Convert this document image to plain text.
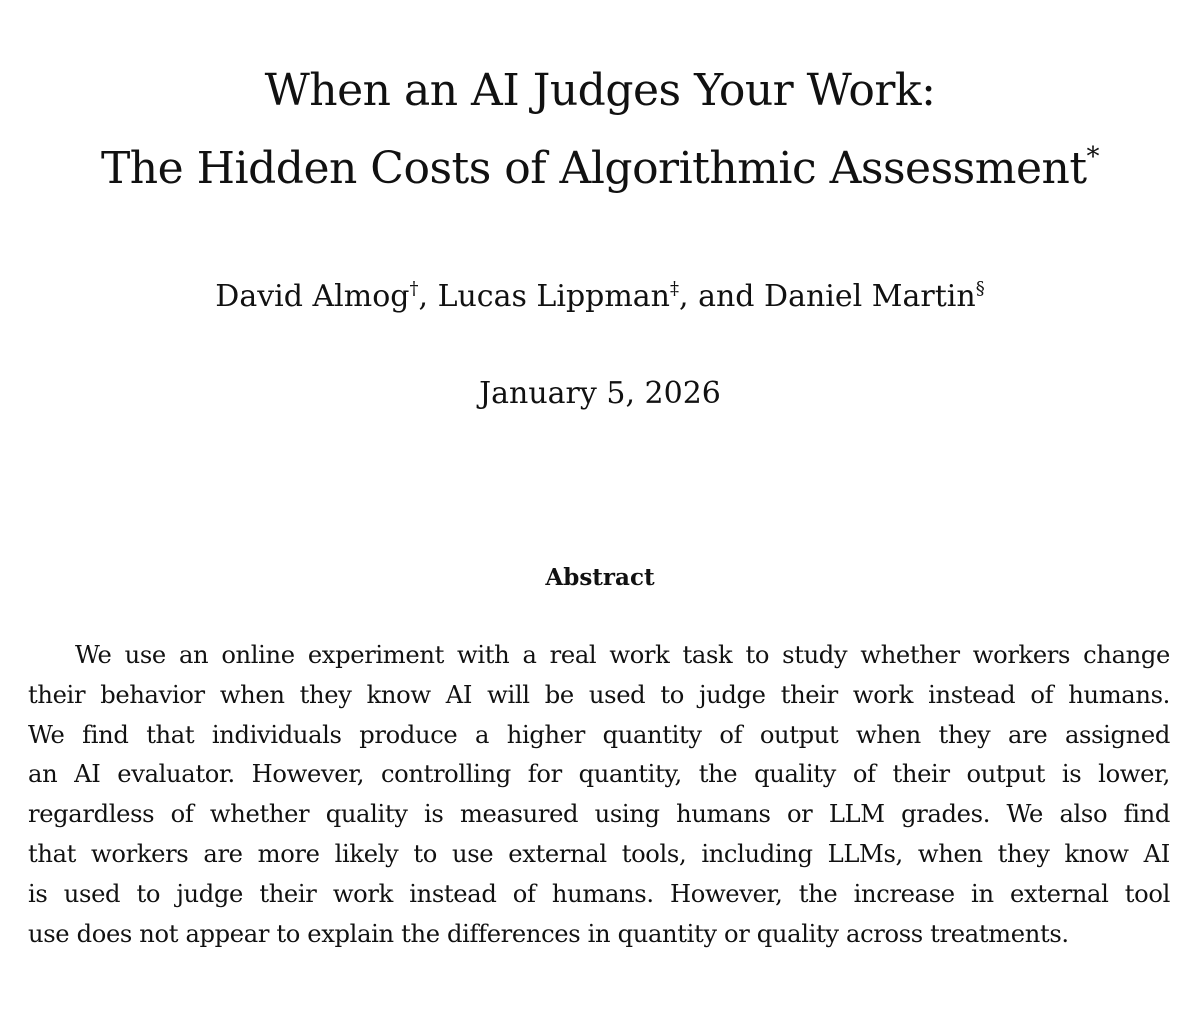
When an AI Judges Your Work:
The Hidden Costs of Algorithmic Assessment*
David Almog†, Lucas Lippman‡, and Daniel Martin§
January 5, 2026
Abstract
We use an online experiment with a real work task to study whether workers change
their behavior when they know AI will be used to judge their work instead of humans.
We find that individuals produce a higher quantity of output when they are assigned
an AI evaluator. However, controlling for quantity, the quality of their output is lower,
regardless of whether quality is measured using humans or LLM grades. We also find
that workers are more likely to use external tools, including LLMs, when they know AI
is used to judge their work instead of humans. However, the increase in external tool
use does not appear to explain the differences in quantity or quality across treatments.
